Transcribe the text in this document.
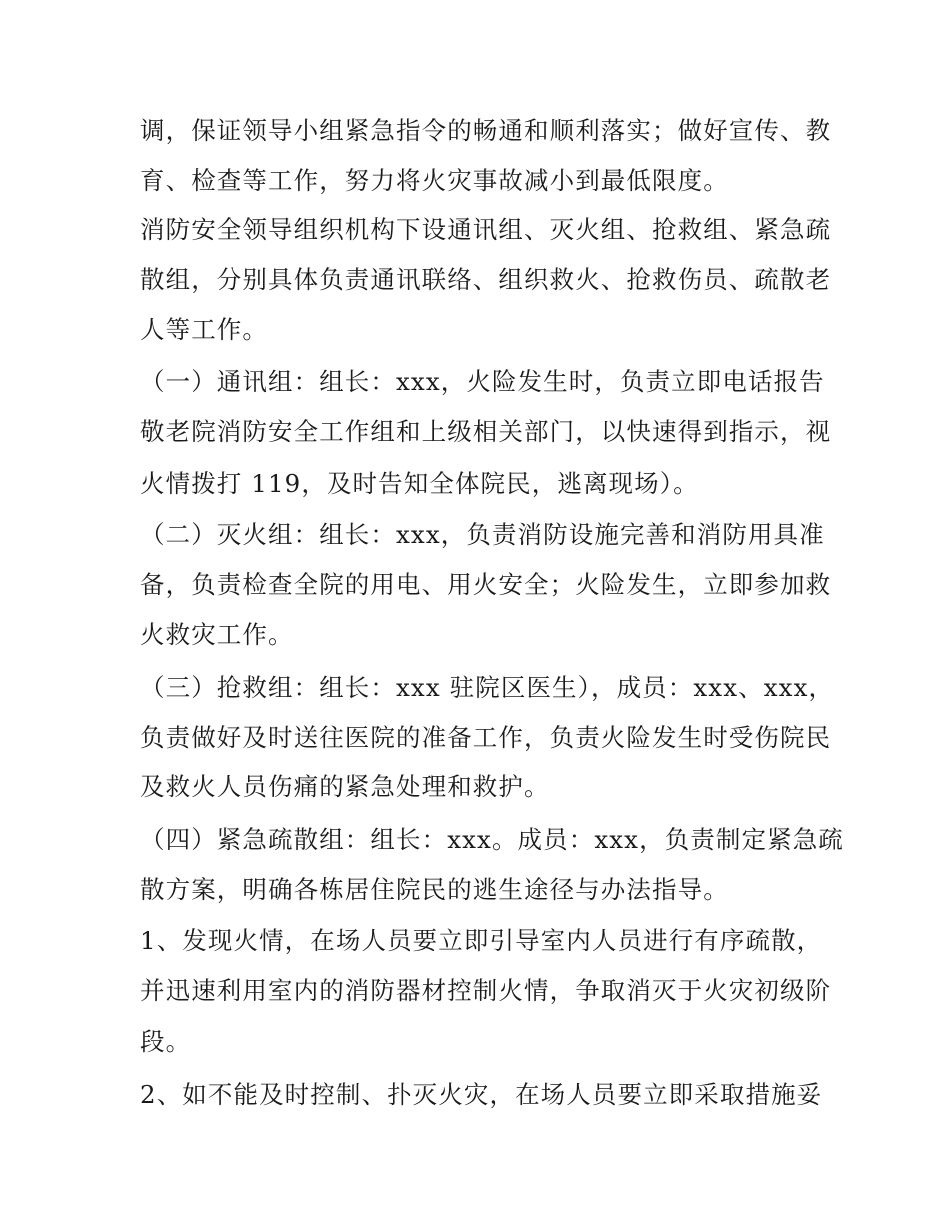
调，保证领导小组紧急指令的畅通和顺利落实；做好宣传、教
育、检查等工作，努力将火灾事故减小到最低限度。
消防安全领导组织机构下设通讯组、灭火组、抢救组、紧急疏
散组，分别具体负责通讯联络、组织救火、抢救伤员、疏散老
人等工作。
（一）通讯组：组长：xxx，火险发生时，负责立即电话报告
敬老院消防安全工作组和上级相关部门，以快速得到指示，视
火情拨打 119，及时告知全体院民，逃离现场）。
（二）灭火组：组长：xxx，负责消防设施完善和消防用具准
备，负责检查全院的用电、用火安全；火险发生，立即参加救
火救灾工作。
（三）抢救组：组长：xxx 驻院区医生），成员：xxx、xxx，
负责做好及时送往医院的准备工作，负责火险发生时受伤院民
及救火人员伤痛的紧急处理和救护。
（四）紧急疏散组：组长：xxx。成员：xxx，负责制定紧急疏
散方案，明确各栋居住院民的逃生途径与办法指导。
1、发现火情，在场人员要立即引导室内人员进行有序疏散，
并迅速利用室内的消防器材控制火情，争取消灭于火灾初级阶
段。
2、如不能及时控制、扑灭火灾，在场人员要立即采取措施妥
